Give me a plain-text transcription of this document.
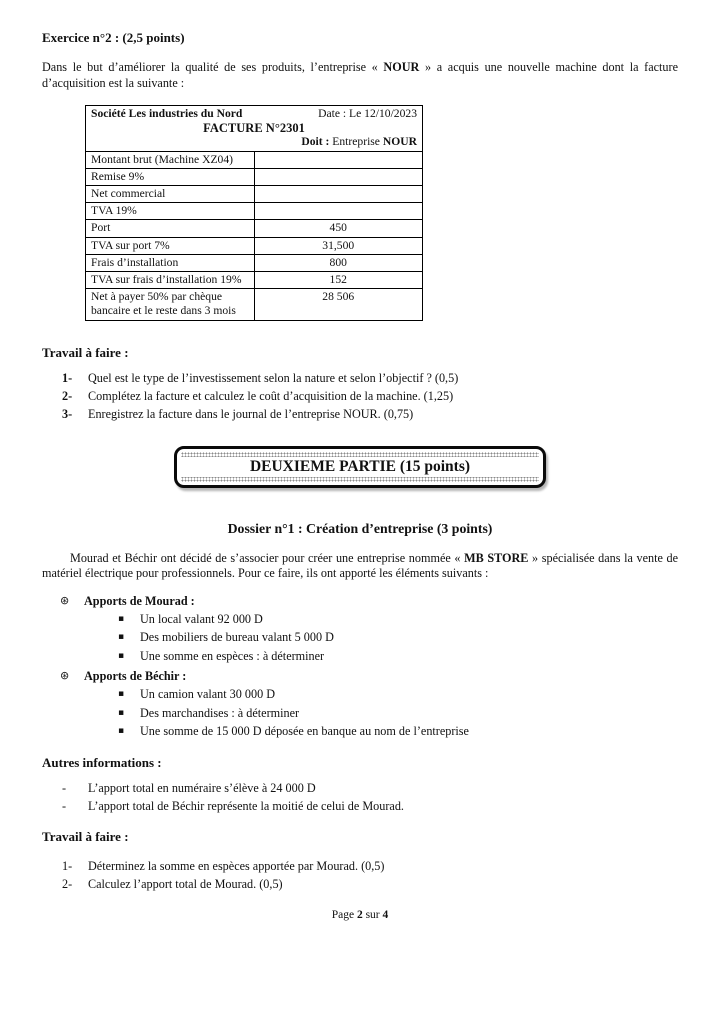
Exercice n°2 : (2,5 points)

Dans le but d’améliorer la qualité de ses produits, l’entreprise « NOUR » a acquis une nouvelle machine dont la facture d’acquisition est la suivante :

Société Les industries du Nord Date : Le 12/10/2023
FACTURE N°2301
Doit : Entreprise NOUR	

Montant brut (Machine XZ04)	
Remise 9%	
Net commercial	
TVA 19%	
Port	450
TVA sur port 7%	31,500
Frais d’installation	800
TVA sur frais d’installation 19%	152
Net à payer 50% par chèque bancaire et le reste dans 3 mois	28 506
Travail à faire :
1-	Quel est le type de l’investissement selon la nature et selon l’objectif ? (0,5)
2-	Complétez la facture et calculez le coût d’acquisition de la machine. (1,25)
3-	Enregistrez la facture dans le journal de l’entreprise NOUR. (0,75)
DEUXIEME PARTIE (15 points)
Dossier n°1 : Création d’entreprise (3 points)

Mourad et Béchir ont décidé de s’associer pour créer une entreprise nommée « MB STORE » spécialisée dans la vente de matériel électrique pour professionnels. Pour ce faire, ils ont apporté les éléments suivants :

⊛	Apports de Mourad :
▪	Un local valant 92 000 D
▪	Des mobiliers de bureau valant 5 000 D
▪	Une somme en espèces : à déterminer
⊛	Apports de Béchir :
▪	Un camion valant 30 000 D
▪	Des marchandises : à déterminer
▪	Une somme de 15 000 D déposée en banque au nom de l’entreprise
Autres informations :
-	L’apport total en numéraire s’élève à 24 000 D
-	L’apport total de Béchir représente la moitié de celui de Mourad.
Travail à faire :
1-	Déterminez la somme en espèces apportée par Mourad. (0,5)
2-	Calculez l’apport total de Mourad. (0,5)
Page 2 sur 4
